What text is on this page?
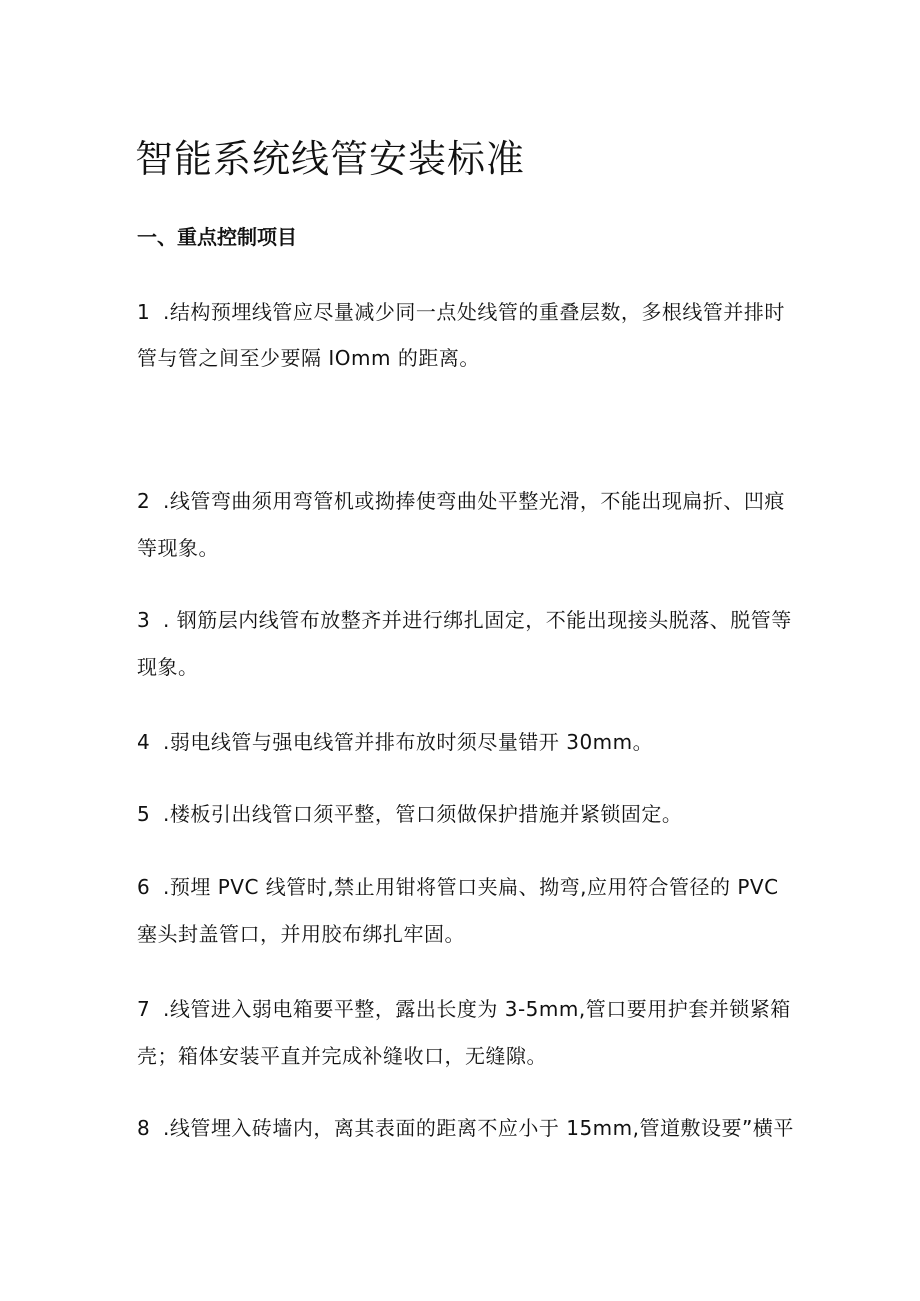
智能系统线管安装标准
一、重点控制项目
1 .结构预埋线管应尽量减少同一点处线管的重叠层数，多根线管并排时
管与管之间至少要隔 IOmm 的距离。
2 .线管弯曲须用弯管机或拗捧使弯曲处平整光滑，不能出现扁折、凹痕
等现象。
3 . 钢筋层内线管布放整齐并进行绑扎固定，不能出现接头脱落、脱管等
现象。
4 .弱电线管与强电线管并排布放时须尽量错开 30mm。
5 .楼板引出线管口须平整，管口须做保护措施并紧锁固定。
6 .预埋 PVC 线管时,禁止用钳将管口夹扁、拗弯,应用符合管径的 PVC
塞头封盖管口，并用胶布绑扎牢固。
7 .线管进入弱电箱要平整，露出长度为 3-5mm,管口要用护套并锁紧箱
壳；箱体安装平直并完成补缝收口，无缝隙。
8 .线管埋入砖墙内，离其表面的距离不应小于 15mm,管道敷设要”横平
